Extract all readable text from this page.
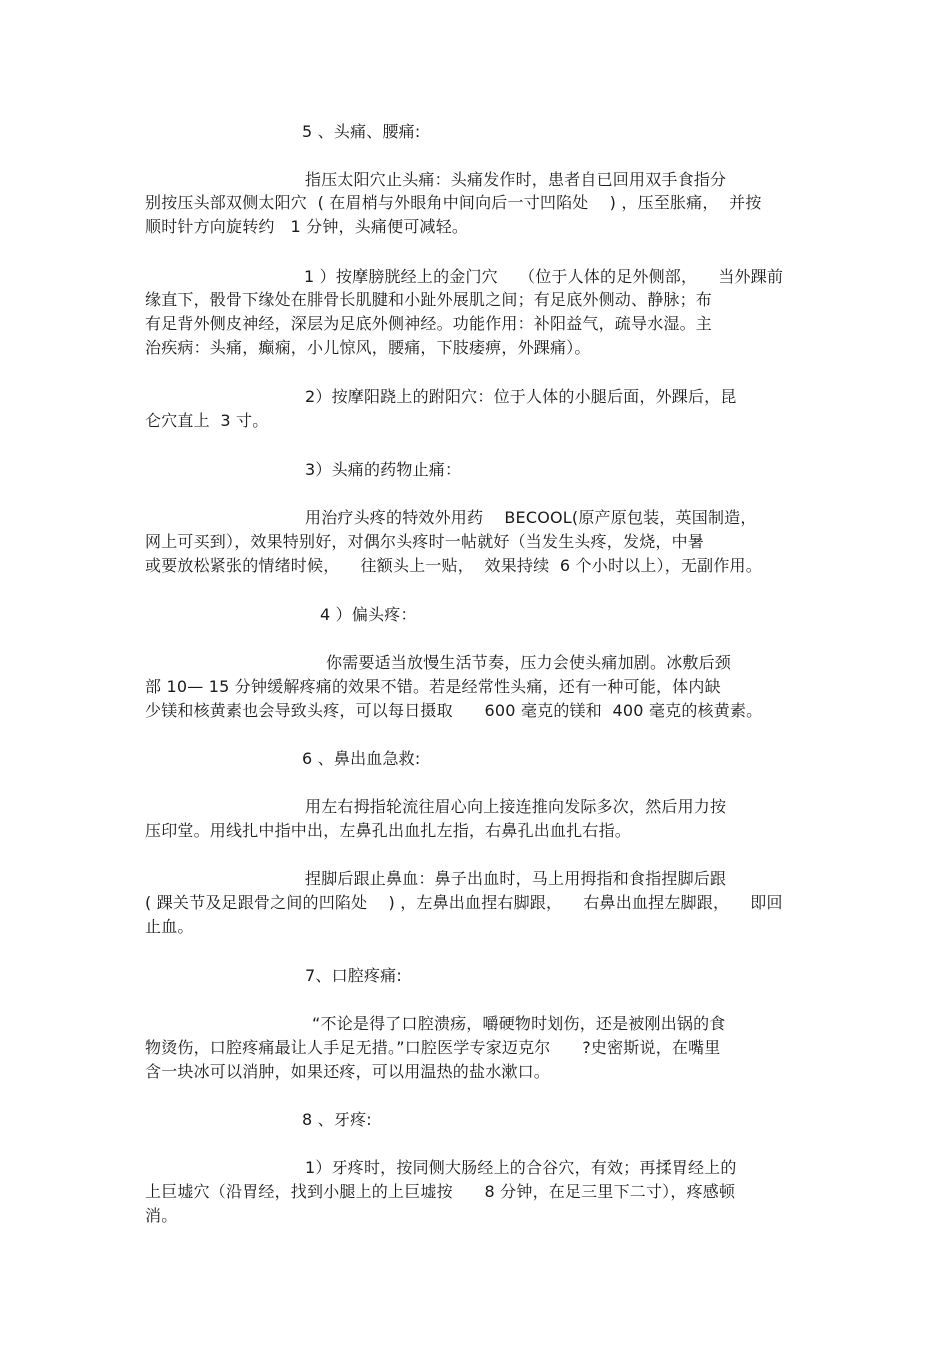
5 、头痛、腰痛:
指压太阳穴止头痛：头痛发作时，患者自已回用双手食指分
别按压头部双侧太阳穴  ( 在眉梢与外眼角中间向后一寸凹陷处    ) ，压至胀痛，  并按
顺时针方向旋转约   1 分钟，头痛便可减轻。
1 ）按摩膀胱经上的金门穴    （位于人体的足外侧部，    当外踝前
缘直下，骰骨下缘处在腓骨长肌腱和小趾外展肌之间；有足底外侧动、静脉；布
有足背外侧皮神经，深层为足底外侧神经。功能作用：补阳益气，疏导水湿。主
治疾病：头痛，癫痫，小儿惊风，腰痛，下肢痿痹，外踝痛）。
2）按摩阳跷上的跗阳穴：位于人体的小腿后面，外踝后，昆
仑穴直上  3 寸。
3）头痛的药物止痛：
用治疗头疼的特效外用药    BECOOL(原产原包装，英国制造，
网上可买到），效果特别好，对偶尔头疼时一帖就好（当发生头疼，发烧，中暑
或要放松紧张的情绪时候，    往额头上一贴，  效果持续  6 个小时以上），无副作用。
4 ）偏头疼：
你需要适当放慢生活节奏，压力会使头痛加剧。冰敷后颈
部 10— 15 分钟缓解疼痛的效果不错。若是经常性头痛，还有一种可能，体内缺
少镁和核黄素也会导致头疼，可以每日摄取      600 毫克的镁和  400 毫克的核黄素。
6 、鼻出血急救:
用左右拇指轮流往眉心向上接连推向发际多次，然后用力按
压印堂。用线扎中指中出，左鼻孔出血扎左指，右鼻孔出血扎右指。
捏脚后跟止鼻血：鼻子出血时，马上用拇指和食指捏脚后跟
( 踝关节及足跟骨之间的凹陷处    ) ，左鼻出血捏右脚跟，    右鼻出血捏左脚跟，    即回
止血。
7、口腔疼痛:
“不论是得了口腔溃疡，嚼硬物时划伤，还是被刚出锅的食
物烫伤，口腔疼痛最让人手足无措。”口腔医学专家迈克尔      ?史密斯说，在嘴里
含一块冰可以消肿，如果还疼，可以用温热的盐水漱口。
8 、牙疼:
1）牙疼时，按同侧大肠经上的合谷穴，有效；再揉胃经上的
上巨墟穴（沿胃经，找到小腿上的上巨墟按      8 分钟，在足三里下二寸），疼感顿
消。
